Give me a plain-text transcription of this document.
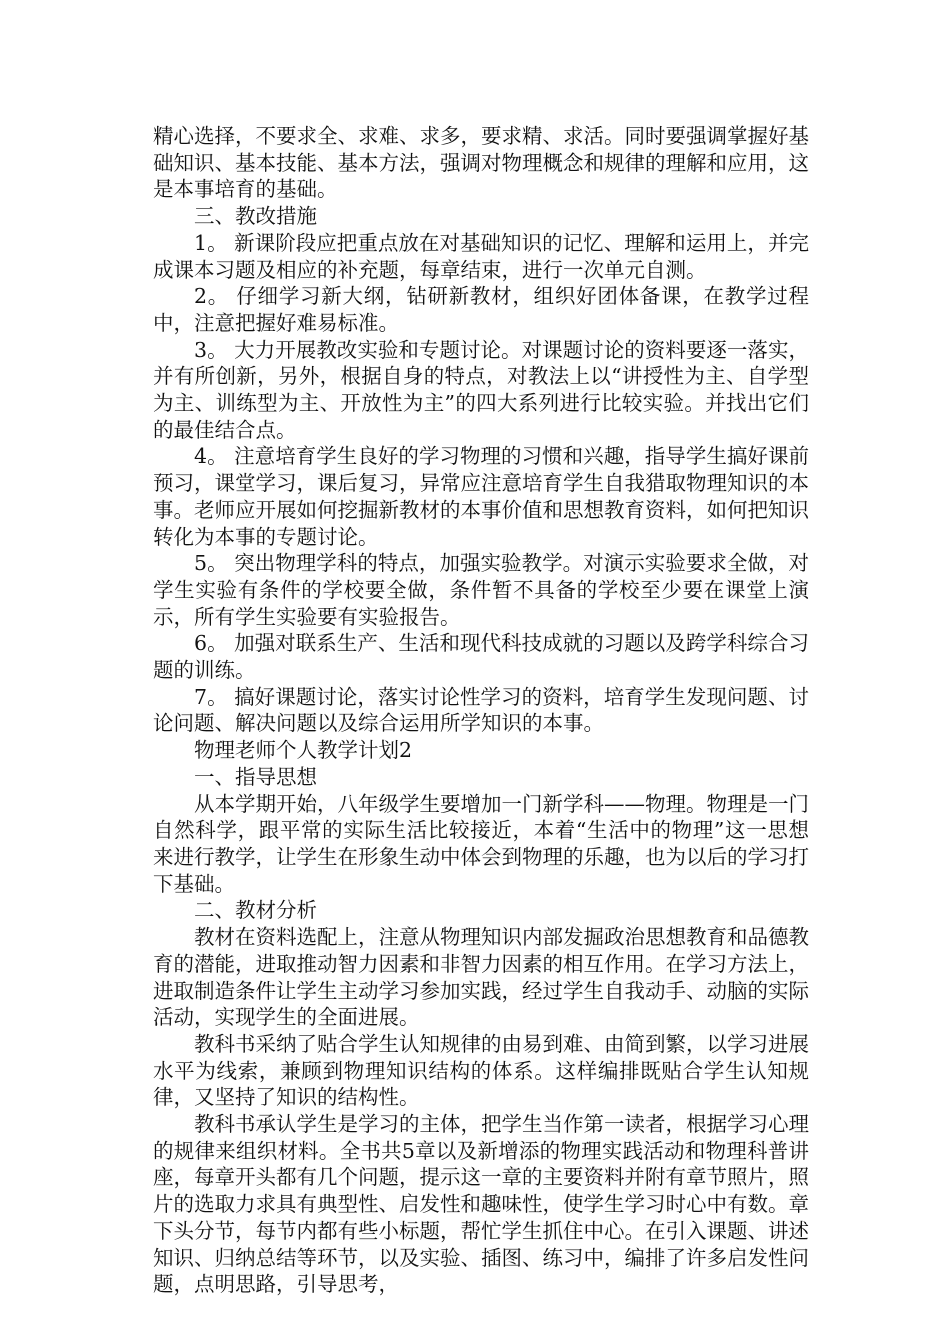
精心选择，不要求全、求难、求多，要求精、求活。同时要强调掌握好基础知识、基本技能、基本方法，强调对物理概念和规律的理解和应用，这是本事培育的基础。

三、教改措施

1。 新课阶段应把重点放在对基础知识的记忆、理解和运用上，并完成课本习题及相应的补充题，每章结束，进行一次单元自测。

2。 仔细学习新大纲，钻研新教材，组织好团体备课，在教学过程中，注意把握好难易标准。

3。 大力开展教改实验和专题讨论。对课题讨论的资料要逐一落实，并有所创新，另外，根据自身的特点，对教法上以“讲授性为主、自学型为主、训练型为主、开放性为主”的四大系列进行比较实验。并找出它们的最佳结合点。

4。 注意培育学生良好的学习物理的习惯和兴趣，指导学生搞好课前预习，课堂学习，课后复习，异常应注意培育学生自我猎取物理知识的本事。老师应开展如何挖掘新教材的本事价值和思想教育资料，如何把知识转化为本事的专题讨论。

5。 突出物理学科的特点，加强实验教学。对演示实验要求全做，对学生实验有条件的学校要全做，条件暂不具备的学校至少要在课堂上演示，所有学生实验要有实验报告。

6。 加强对联系生产、生活和现代科技成就的习题以及跨学科综合习题的训练。

7。 搞好课题讨论，落实讨论性学习的资料，培育学生发现问题、讨论问题、解决问题以及综合运用所学知识的本事。

物理老师个人教学计划2

一、指导思想

从本学期开始，八年级学生要增加一门新学科——物理。物理是一门自然科学，跟平常的实际生活比较接近，本着“生活中的物理”这一思想来进行教学，让学生在形象生动中体会到物理的乐趣，也为以后的学习打下基础。

二、教材分析

教材在资料选配上，注意从物理知识内部发掘政治思想教育和品德教育的潜能，进取推动智力因素和非智力因素的相互作用。在学习方法上，进取制造条件让学生主动学习参加实践，经过学生自我动手、动脑的实际活动，实现学生的全面进展。

教科书采纳了贴合学生认知规律的由易到难、由简到繁，以学习进展水平为线索，兼顾到物理知识结构的体系。这样编排既贴合学生认知规律，又坚持了知识的结构性。

教科书承认学生是学习的主体，把学生当作第一读者，根据学习心理的规律来组织材料。全书共5章以及新增添的物理实践活动和物理科普讲座，每章开头都有几个问题，提示这一章的主要资料并附有章节照片，照片的选取力求具有典型性、启发性和趣味性，使学生学习时心中有数。章下头分节，每节内都有些小标题，帮忙学生抓住中心。在引入课题、讲述知识、归纳总结等环节，以及实验、插图、练习中，编排了许多启发性问题，点明思路，引导思考，
